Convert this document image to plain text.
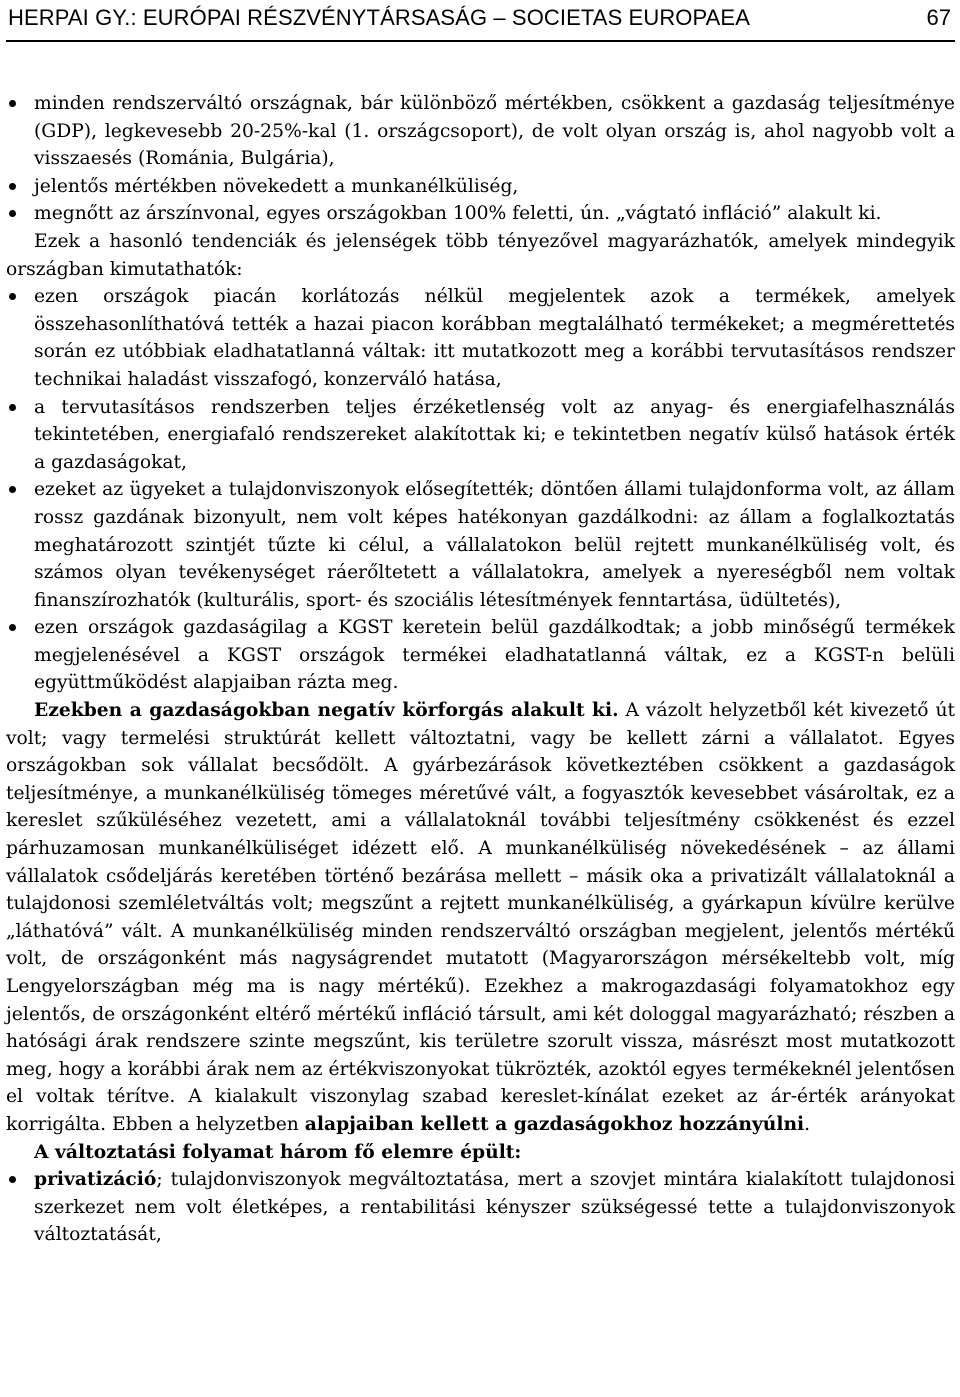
HERPAI GY.: EURÓPAI RÉSZVÉNYTÁRSASÁG – SOCIETAS EUROPAEA	67
minden rendszerváltó országnak, bár különböző mértékben, csökkent a gazdaság teljesítménye (GDP), legkevesebb 20-25%-kal (1. országcsoport), de volt olyan ország is, ahol nagyobb volt a visszaesés (Románia, Bulgária),
jelentős mértékben növekedett a munkanélküliség,
megnőtt az árszínvonal, egyes országokban 100% feletti, ún. „vágtató infláció” alakult ki.

Ezek a hasonló tendenciák és jelenségek több tényezővel magyarázhatók, amelyek mindegyik országban kimutathatók:

ezen országok piacán korlátozás nélkül megjelentek azok a termékek, amelyek összehasonlíthatóvá tették a hazai piacon korábban megtalálható termékeket; a megmérettetés során ez utóbbiak eladhatatlanná váltak: itt mutatkozott meg a korábbi tervutasításos rendszer technikai haladást visszafogó, konzerváló hatása,
a tervutasításos rendszerben teljes érzéketlenség volt az anyag- és energiafelhasználás tekintetében, energiafaló rendszereket alakítottak ki; e tekintetben negatív külső hatások érték a gazdaságokat,
ezeket az ügyeket a tulajdonviszonyok elősegítették; döntően állami tulajdonforma volt, az állam rossz gazdának bizonyult, nem volt képes hatékonyan gazdálkodni: az állam a foglalkoztatás meghatározott szintjét tűzte ki célul, a vállalatokon belül rejtett munkanélküliség volt, és számos olyan tevékenységet ráerőltetett a vállalatokra, amelyek a nyereségből nem voltak finanszírozhatók (kulturális, sport- és szociális létesítmények fenntartása, üdültetés),
ezen országok gazdaságilag a KGST keretein belül gazdálkodtak; a jobb minőségű termékek megjelenésével a KGST országok termékei eladhatatlanná váltak, ez a KGST-n belüli együttműködést alapjaiban rázta meg.

Ezekben a gazdaságokban negatív körforgás alakult ki. A vázolt helyzetből két kivezető út volt; vagy termelési struktúrát kellett változtatni, vagy be kellett zárni a vállalatot. Egyes országokban sok vállalat becsődölt. A gyárbezárások következtében csökkent a gazdaságok teljesítménye, a munkanélküliség tömeges méretűvé vált, a fogyasztók kevesebbet vásároltak, ez a kereslet szűküléséhez vezetett, ami a vállalatoknál további teljesítmény csökkenést és ezzel párhuzamosan munkanélküliséget idézett elő. A munkanélküliség növekedésének – az állami vállalatok csődeljárás keretében történő bezárása mellett – másik oka a privatizált vállalatoknál a tulajdonosi szemléletváltás volt; megszűnt a rejtett munkanélküliség, a gyárkapun kívülre kerülve „láthatóvá” vált. A munkanélküliség minden rendszerváltó országban megjelent, jelentős mértékű volt, de országonként más nagyságrendet mutatott (Magyarországon mérsékeltebb volt, míg Lengyelországban még ma is nagy mértékű). Ezekhez a makrogazdasági folyamatokhoz egy jelentős, de országonként eltérő mértékű infláció társult, ami két dologgal magyarázható; részben a hatósági árak rendszere szinte megszűnt, kis területre szorult vissza, másrészt most mutatkozott meg, hogy a korábbi árak nem az értékviszonyokat tükrözték, azoktól egyes termékeknél jelentősen el voltak térítve. A kialakult viszonylag szabad kereslet-kínálat ezeket az ár-érték arányokat korrigálta. Ebben a helyzetben alapjaiban kellett a gazdaságokhoz hozzányúlni.

A változtatási folyamat három fő elemre épült:

privatizáció; tulajdonviszonyok megváltoztatása, mert a szovjet mintára kialakított tulajdonosi szerkezet nem volt életképes, a rentabilitási kényszer szükségessé tette a tulajdonviszonyok változtatását,
